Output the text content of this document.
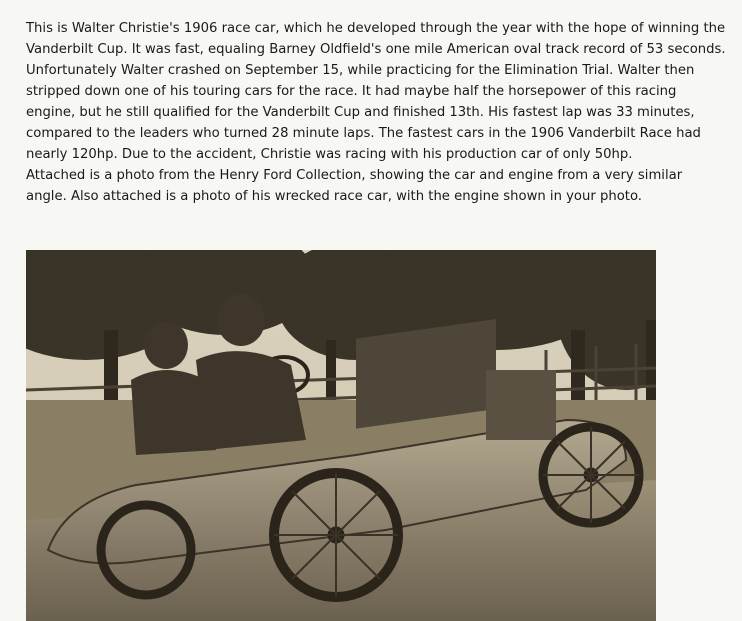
This is Walter Christie's 1906 race car, which he developed through the year with the hope of winning the Vanderbilt Cup. It was fast, equaling Barney Oldfield's one mile American oval track record of 53 seconds. Unfortunately Walter crashed on September 15, while practicing for the Elimination Trial. Walter then stripped down one of his touring cars for the race. It had maybe half the horsepower of this racing engine, but he still qualified for the Vanderbilt Cup and finished 13th. His fastest lap was 33 minutes, compared to the leaders who turned 28 minute laps. The fastest cars in the 1906 Vanderbilt Race had nearly 120hp. Due to the accident, Christie was racing with his production car of only 50hp.

Attached is a photo from the Henry Ford Collection, showing the car and engine from a very similar angle. Also attached is a photo of his wrecked race car, with the engine shown in your photo.
